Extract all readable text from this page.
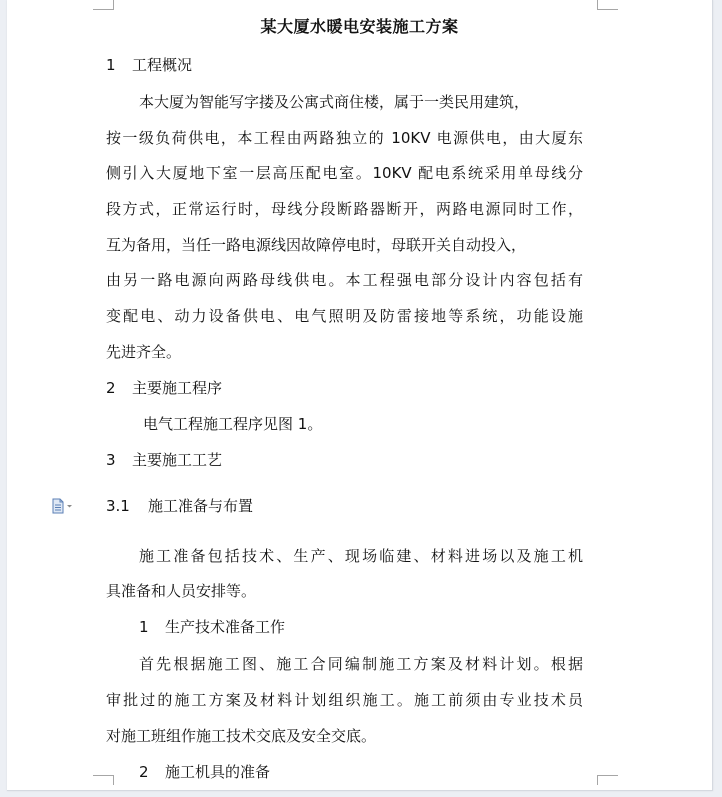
某大厦水暖电安装施工方案

1 工程概况

本大厦为智能写字搂及公寓式商住楼，属于一类民用建筑，

按一级负荷供电，本工程由两路独立的 10KV 电源供电，由大厦东

侧引入大厦地下室一层高压配电室。10KV 配电系统采用单母线分

段方式，正常运行时，母线分段断路器断开，两路电源同时工作，

互为备用，当任一路电源线因故障停电时，母联开关自动投入，

由另一路电源向两路母线供电。本工程强电部分设计内容包括有

变配电、动力设备供电、电气照明及防雷接地等系统，功能设施

先进齐全。

2 主要施工程序

电气工程施工程序见图 1。

3 主要施工工艺

3.1 施工准备与布置

施工准备包括技术、生产、现场临建、材料进场以及施工机

具准备和人员安排等。

1 生产技术准备工作

首先根据施工图、施工合同编制施工方案及材料计划。根据

审批过的施工方案及材料计划组织施工。施工前须由专业技术员

对施工班组作施工技术交底及安全交底。

2 施工机具的准备
